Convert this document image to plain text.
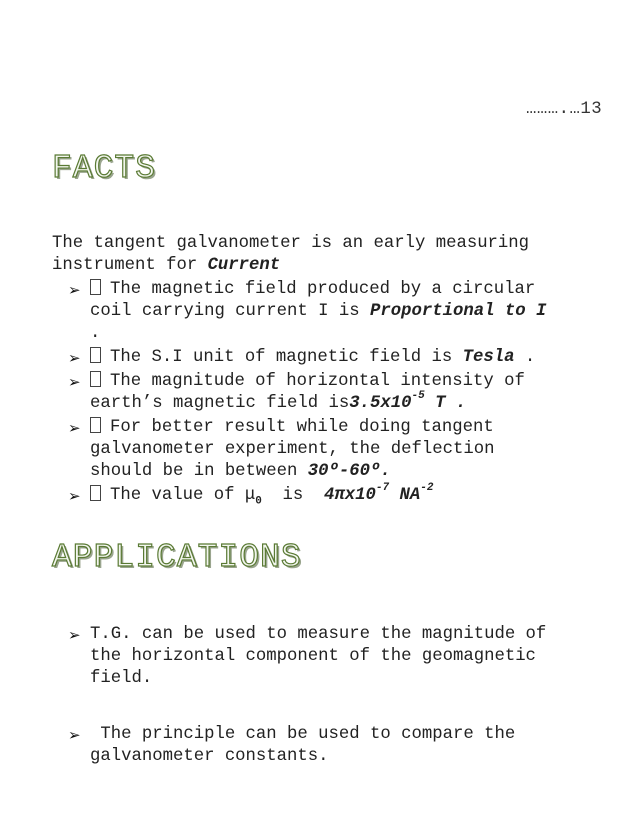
……….…13
FACTS
The tangent galvanometer is an early measuring
instrument for Current
➢ The magnetic field produced by a circular
coil carrying current I is Proportional to I
.
➢ The S.I unit of magnetic field is Tesla .
➢ The magnitude of horizontal intensity of
earth’s magnetic field $is3.5x10^{-5}$ T .
➢ For better result while doing tangent
galvanometer experiment, the deflection
should be in between 30º-60º.
➢ The value of $\mu_0$  is  $4\pi x10^{-7}$ $NA^{-2}$
APPLICATIONS
➢ T.G. can be used to measure the magnitude of
the horizontal component of the geomagnetic
field.
➢ The principle can be used to compare the
galvanometer constants.
